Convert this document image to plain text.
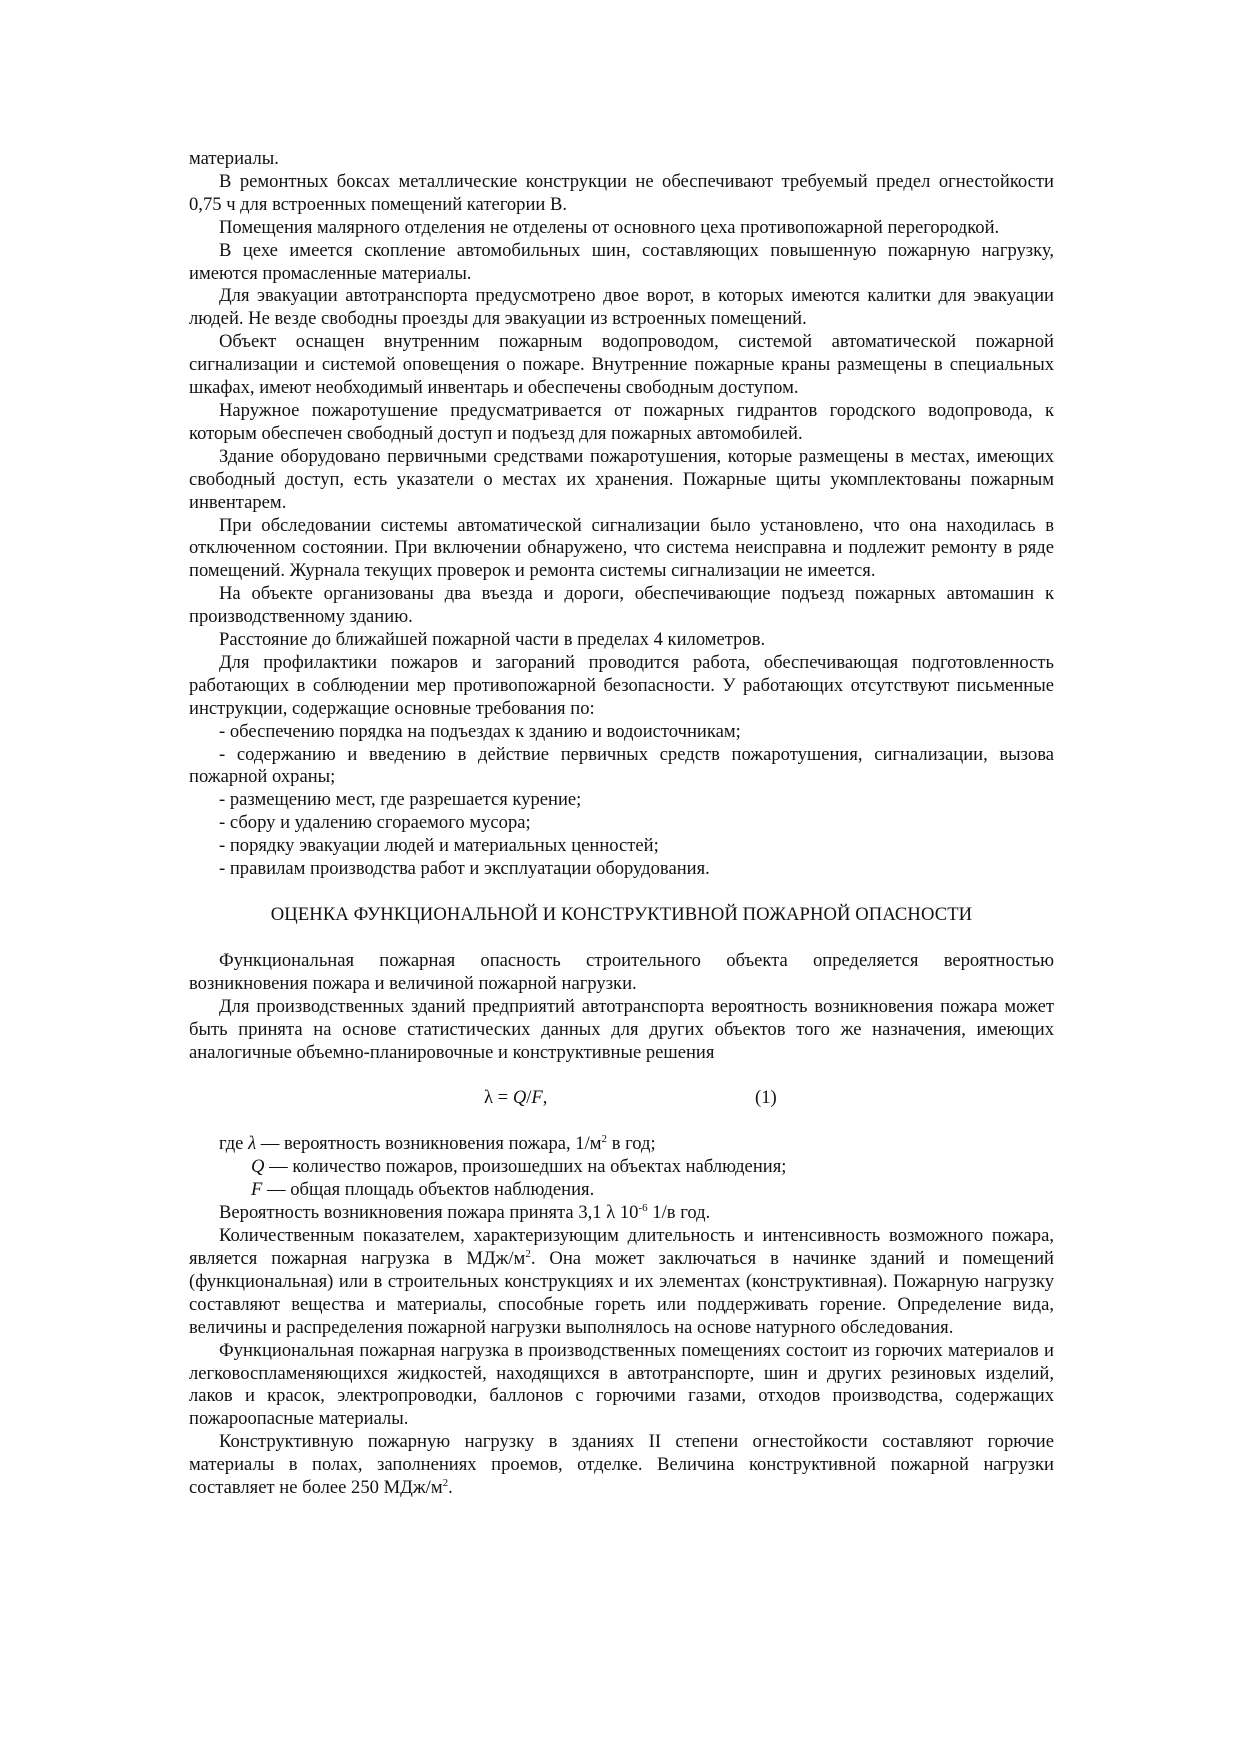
материалы.

В ремонтных боксах металлические конструкции не обеспечивают требуемый предел огнестойкости 0,75 ч для встроенных помещений категории В.

Помещения малярного отделения не отделены от основного цеха противопожарной перегородкой.

В цехе имеется скопление автомобильных шин, составляющих повышенную пожарную нагрузку, имеются промасленные материалы.

Для эвакуации автотранспорта предусмотрено двое ворот, в которых имеются калитки для эвакуации людей. Не везде свободны проезды для эвакуации из встроенных помещений.

Объект оснащен внутренним пожарным водопроводом, системой автоматической пожарной сигнализации и системой оповещения о пожаре. Внутренние пожарные краны размещены в специальных шкафах, имеют необходимый инвентарь и обеспечены свободным доступом.

Наружное пожаротушение предусматривается от пожарных гидрантов городского водопровода, к которым обеспечен свободный доступ и подъезд для пожарных автомобилей.

Здание оборудовано первичными средствами пожаротушения, которые размещены в местах, имеющих свободный доступ, есть указатели о местах их хранения. Пожарные щиты укомплектованы пожарным инвентарем.

При обследовании системы автоматической сигнализации было установлено, что она находилась в отключенном состоянии. При включении обнаружено, что система неисправна и подлежит ремонту в ряде помещений. Журнала текущих проверок и ремонта системы сигнализации не имеется.

На объекте организованы два въезда и дороги, обеспечивающие подъезд пожарных автомашин к производственному зданию.

Расстояние до ближайшей пожарной части в пределах 4 километров.

Для профилактики пожаров и загораний проводится работа, обеспечивающая подготовленность работающих в соблюдении мер противопожарной безопасности. У работающих отсутствуют письменные инструкции, содержащие основные требования по:

- обеспечению порядка на подъездах к зданию и водоисточникам;

- содержанию и введению в действие первичных средств пожаротушения, сигнализации, вызова пожарной охраны;

- размещению мест, где разрешается курение;

- сбору и удалению сгораемого мусора;

- порядку эвакуации людей и материальных ценностей;

- правилам производства работ и эксплуатации оборудования.

ОЦЕНКА ФУНКЦИОНАЛЬНОЙ И КОНСТРУКТИВНОЙ ПОЖАРНОЙ ОПАСНОСТИ

Функциональная пожарная опасность строительного объекта определяется вероятностью возникновения пожара и величиной пожарной нагрузки.

Для производственных зданий предприятий автотранспорта вероятность возникновения пожара может быть принята на основе статистических данных для других объектов того же назначения, имеющих аналогичные объемно-планировочные и конструктивные решения

λ = Q/F,	(1)

где λ — вероятность возникновения пожара, $1/м^2$ в год;

Q — количество пожаров, произошедших на объектах наблюдения;

F — общая площадь объектов наблюдения.

Вероятность возникновения пожара принята 3,1 λ $10^{-6}$ 1/в год.

Количественным показателем, характеризующим длительность и интенсивность возможного пожара, является пожарная нагрузка в МДж/$м^2$. Она может заключаться в начинке зданий и помещений (функциональная) или в строительных конструкциях и их элементах (конструктивная). Пожарную нагрузку составляют вещества и материалы, способные гореть или поддерживать горение. Определение вида, величины и распределения пожарной нагрузки выполнялось на основе натурного обследования.

Функциональная пожарная нагрузка в производственных помещениях состоит из горючих материалов и легковоспламеняющихся жидкостей, находящихся в автотранспорте, шин и других резиновых изделий, лаков и красок, электропроводки, баллонов с горючими газами, отходов производства, содержащих пожароопасные материалы.

Конструктивную пожарную нагрузку в зданиях II степени огнестойкости составляют горючие материалы в полах, заполнениях проемов, отделке. Величина конструктивной пожарной нагрузки составляет не более 250 МДж/$м^2$.
